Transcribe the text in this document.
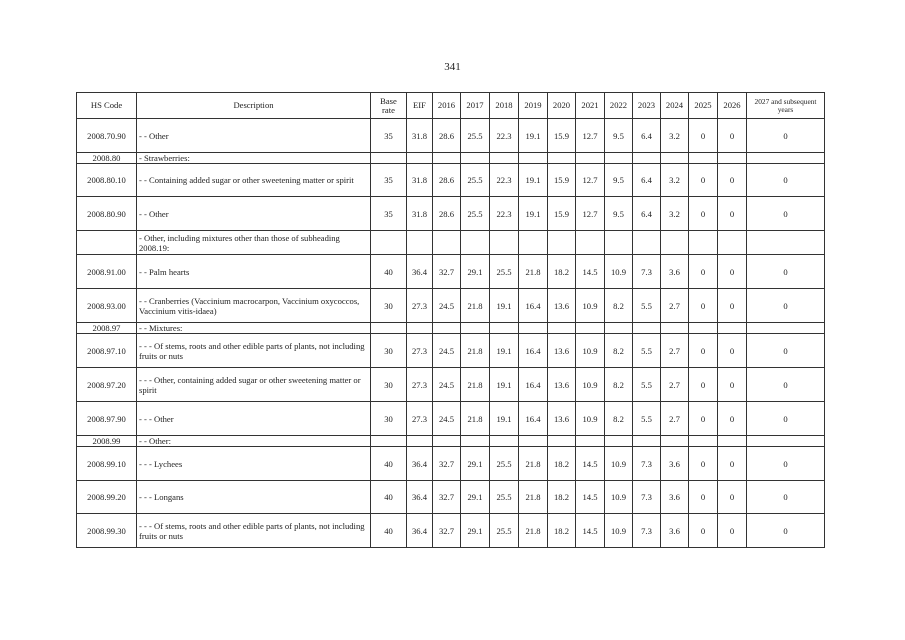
341
HS Code	Description	Base rate	EIF	2016	2017	2018	2019	2020	2021	2022	2023	2024	2025	2026	2027 and subsequent years
2008.70.90	- - Other	35	31.8	28.6	25.5	22.3	19.1	15.9	12.7	9.5	6.4	3.2	0	0	0
2008.80	- Strawberries:														
2008.80.10	- - Containing added sugar or other sweetening matter or spirit	35	31.8	28.6	25.5	22.3	19.1	15.9	12.7	9.5	6.4	3.2	0	0	0
2008.80.90	- - Other	35	31.8	28.6	25.5	22.3	19.1	15.9	12.7	9.5	6.4	3.2	0	0	0
	- Other, including mixtures other than those of subheading 2008.19:														
2008.91.00	- - Palm hearts	40	36.4	32.7	29.1	25.5	21.8	18.2	14.5	10.9	7.3	3.6	0	0	0
2008.93.00	- - Cranberries (Vaccinium macrocarpon, Vaccinium oxycoccos, Vaccinium vitis-idaea)	30	27.3	24.5	21.8	19.1	16.4	13.6	10.9	8.2	5.5	2.7	0	0	0
2008.97	- - Mixtures:														
2008.97.10	- - - Of stems, roots and other edible parts of plants, not including fruits or nuts	30	27.3	24.5	21.8	19.1	16.4	13.6	10.9	8.2	5.5	2.7	0	0	0
2008.97.20	- - - Other, containing added sugar or other sweetening matter or spirit	30	27.3	24.5	21.8	19.1	16.4	13.6	10.9	8.2	5.5	2.7	0	0	0
2008.97.90	- - - Other	30	27.3	24.5	21.8	19.1	16.4	13.6	10.9	8.2	5.5	2.7	0	0	0
2008.99	- - Other:														
2008.99.10	- - - Lychees	40	36.4	32.7	29.1	25.5	21.8	18.2	14.5	10.9	7.3	3.6	0	0	0
2008.99.20	- - - Longans	40	36.4	32.7	29.1	25.5	21.8	18.2	14.5	10.9	7.3	3.6	0	0	0
2008.99.30	- - - Of stems, roots and other edible parts of plants, not including fruits or nuts	40	36.4	32.7	29.1	25.5	21.8	18.2	14.5	10.9	7.3	3.6	0	0	0
